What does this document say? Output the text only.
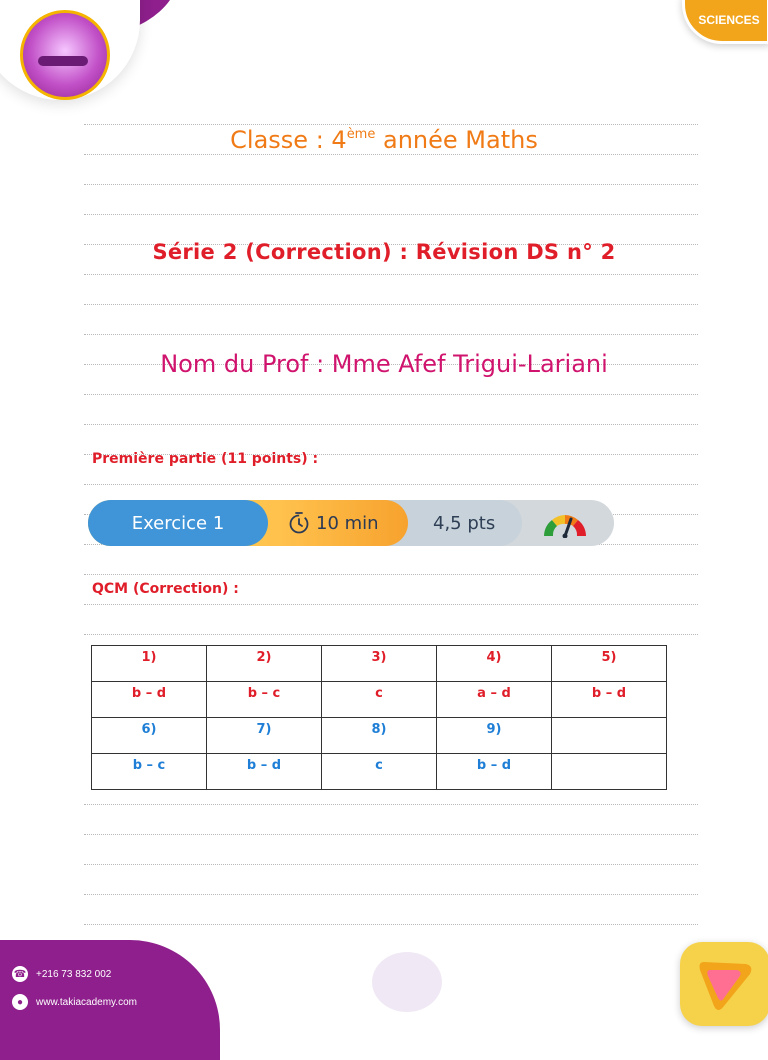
SCIENCES
Classe : 4ème année Maths
Série 2 (Correction) : Révision DS n° 2
Nom du Prof : Mme Afef Trigui-Lariani
Première partie (11 points) :
Exercice 1	10 min	4,5 pts
QCM (Correction) :
1)	2)	3)	4)	5)
b – d	b – c	c	a – d	b – d
6)	7)	8)	9)	
b – c	b – d	c	b – d	
☎ +216 73 832 002
●	www.takiacademy.com
